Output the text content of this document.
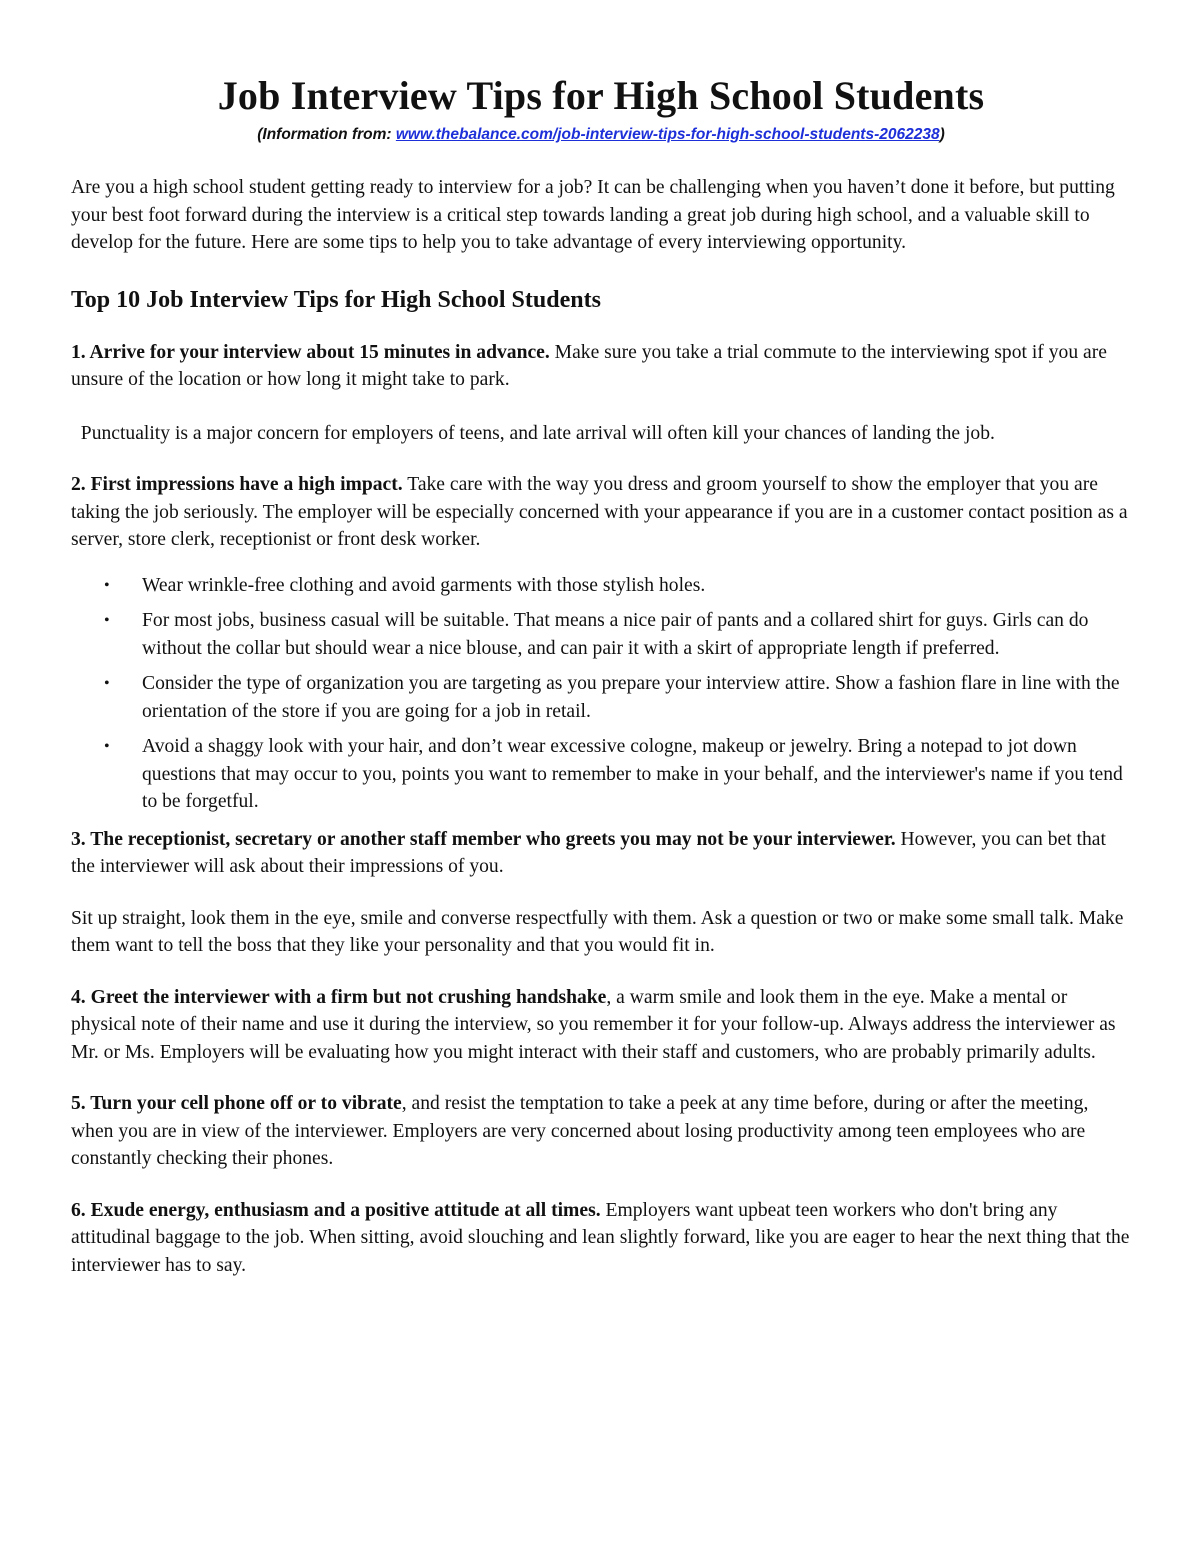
Job Interview Tips for High School Students
(Information from: www.thebalance.com/job-interview-tips-for-high-school-students-2062238)

Are you a high school student getting ready to interview for a job? It can be challenging when you haven’t done it before, but putting your best foot forward during the interview is a critical step towards landing a great job during high school, and a valuable skill to develop for the future. Here are some tips to help you to take advantage of every interviewing opportunity.

Top 10 Job Interview Tips for High School Students

1. Arrive for your interview about 15 minutes in advance. Make sure you take a trial commute to the interviewing spot if you are unsure of the location or how long it might take to park.

Punctuality is a major concern for employers of teens, and late arrival will often kill your chances of landing the job.

2. First impressions have a high impact. Take care with the way you dress and groom yourself to show the employer that you are taking the job seriously. The employer will be especially concerned with your appearance if you are in a customer contact position as a server, store clerk, receptionist or front desk worker.

• Wear wrinkle-free clothing and avoid garments with those stylish holes.
• For most jobs, business casual will be suitable. That means a nice pair of pants and a collared shirt for guys. Girls can do without the collar but should wear a nice blouse, and can pair it with a skirt of appropriate length if preferred.
• Consider the type of organization you are targeting as you prepare your interview attire. Show a fashion flare in line with the orientation of the store if you are going for a job in retail.
• Avoid a shaggy look with your hair, and don’t wear excessive cologne, makeup or jewelry. Bring a notepad to jot down questions that may occur to you, points you want to remember to make in your behalf, and the interviewer's name if you tend to be forgetful.

3. The receptionist, secretary or another staff member who greets you may not be your interviewer. However, you can bet that the interviewer will ask about their impressions of you.

Sit up straight, look them in the eye, smile and converse respectfully with them. Ask a question or two or make some small talk. Make them want to tell the boss that they like your personality and that you would fit in.

4. Greet the interviewer with a firm but not crushing handshake, a warm smile and look them in the eye. Make a mental or physical note of their name and use it during the interview, so you remember it for your follow-up. Always address the interviewer as Mr. or Ms. Employers will be evaluating how you might interact with their staff and customers, who are probably primarily adults.

5. Turn your cell phone off or to vibrate, and resist the temptation to take a peek at any time before, during or after the meeting, when you are in view of the interviewer. Employers are very concerned about losing productivity among teen employees who are constantly checking their phones.

6. Exude energy, enthusiasm and a positive attitude at all times. Employers want upbeat teen workers who don't bring any attitudinal baggage to the job. When sitting, avoid slouching and lean slightly forward, like you are eager to hear the next thing that the interviewer has to say.
